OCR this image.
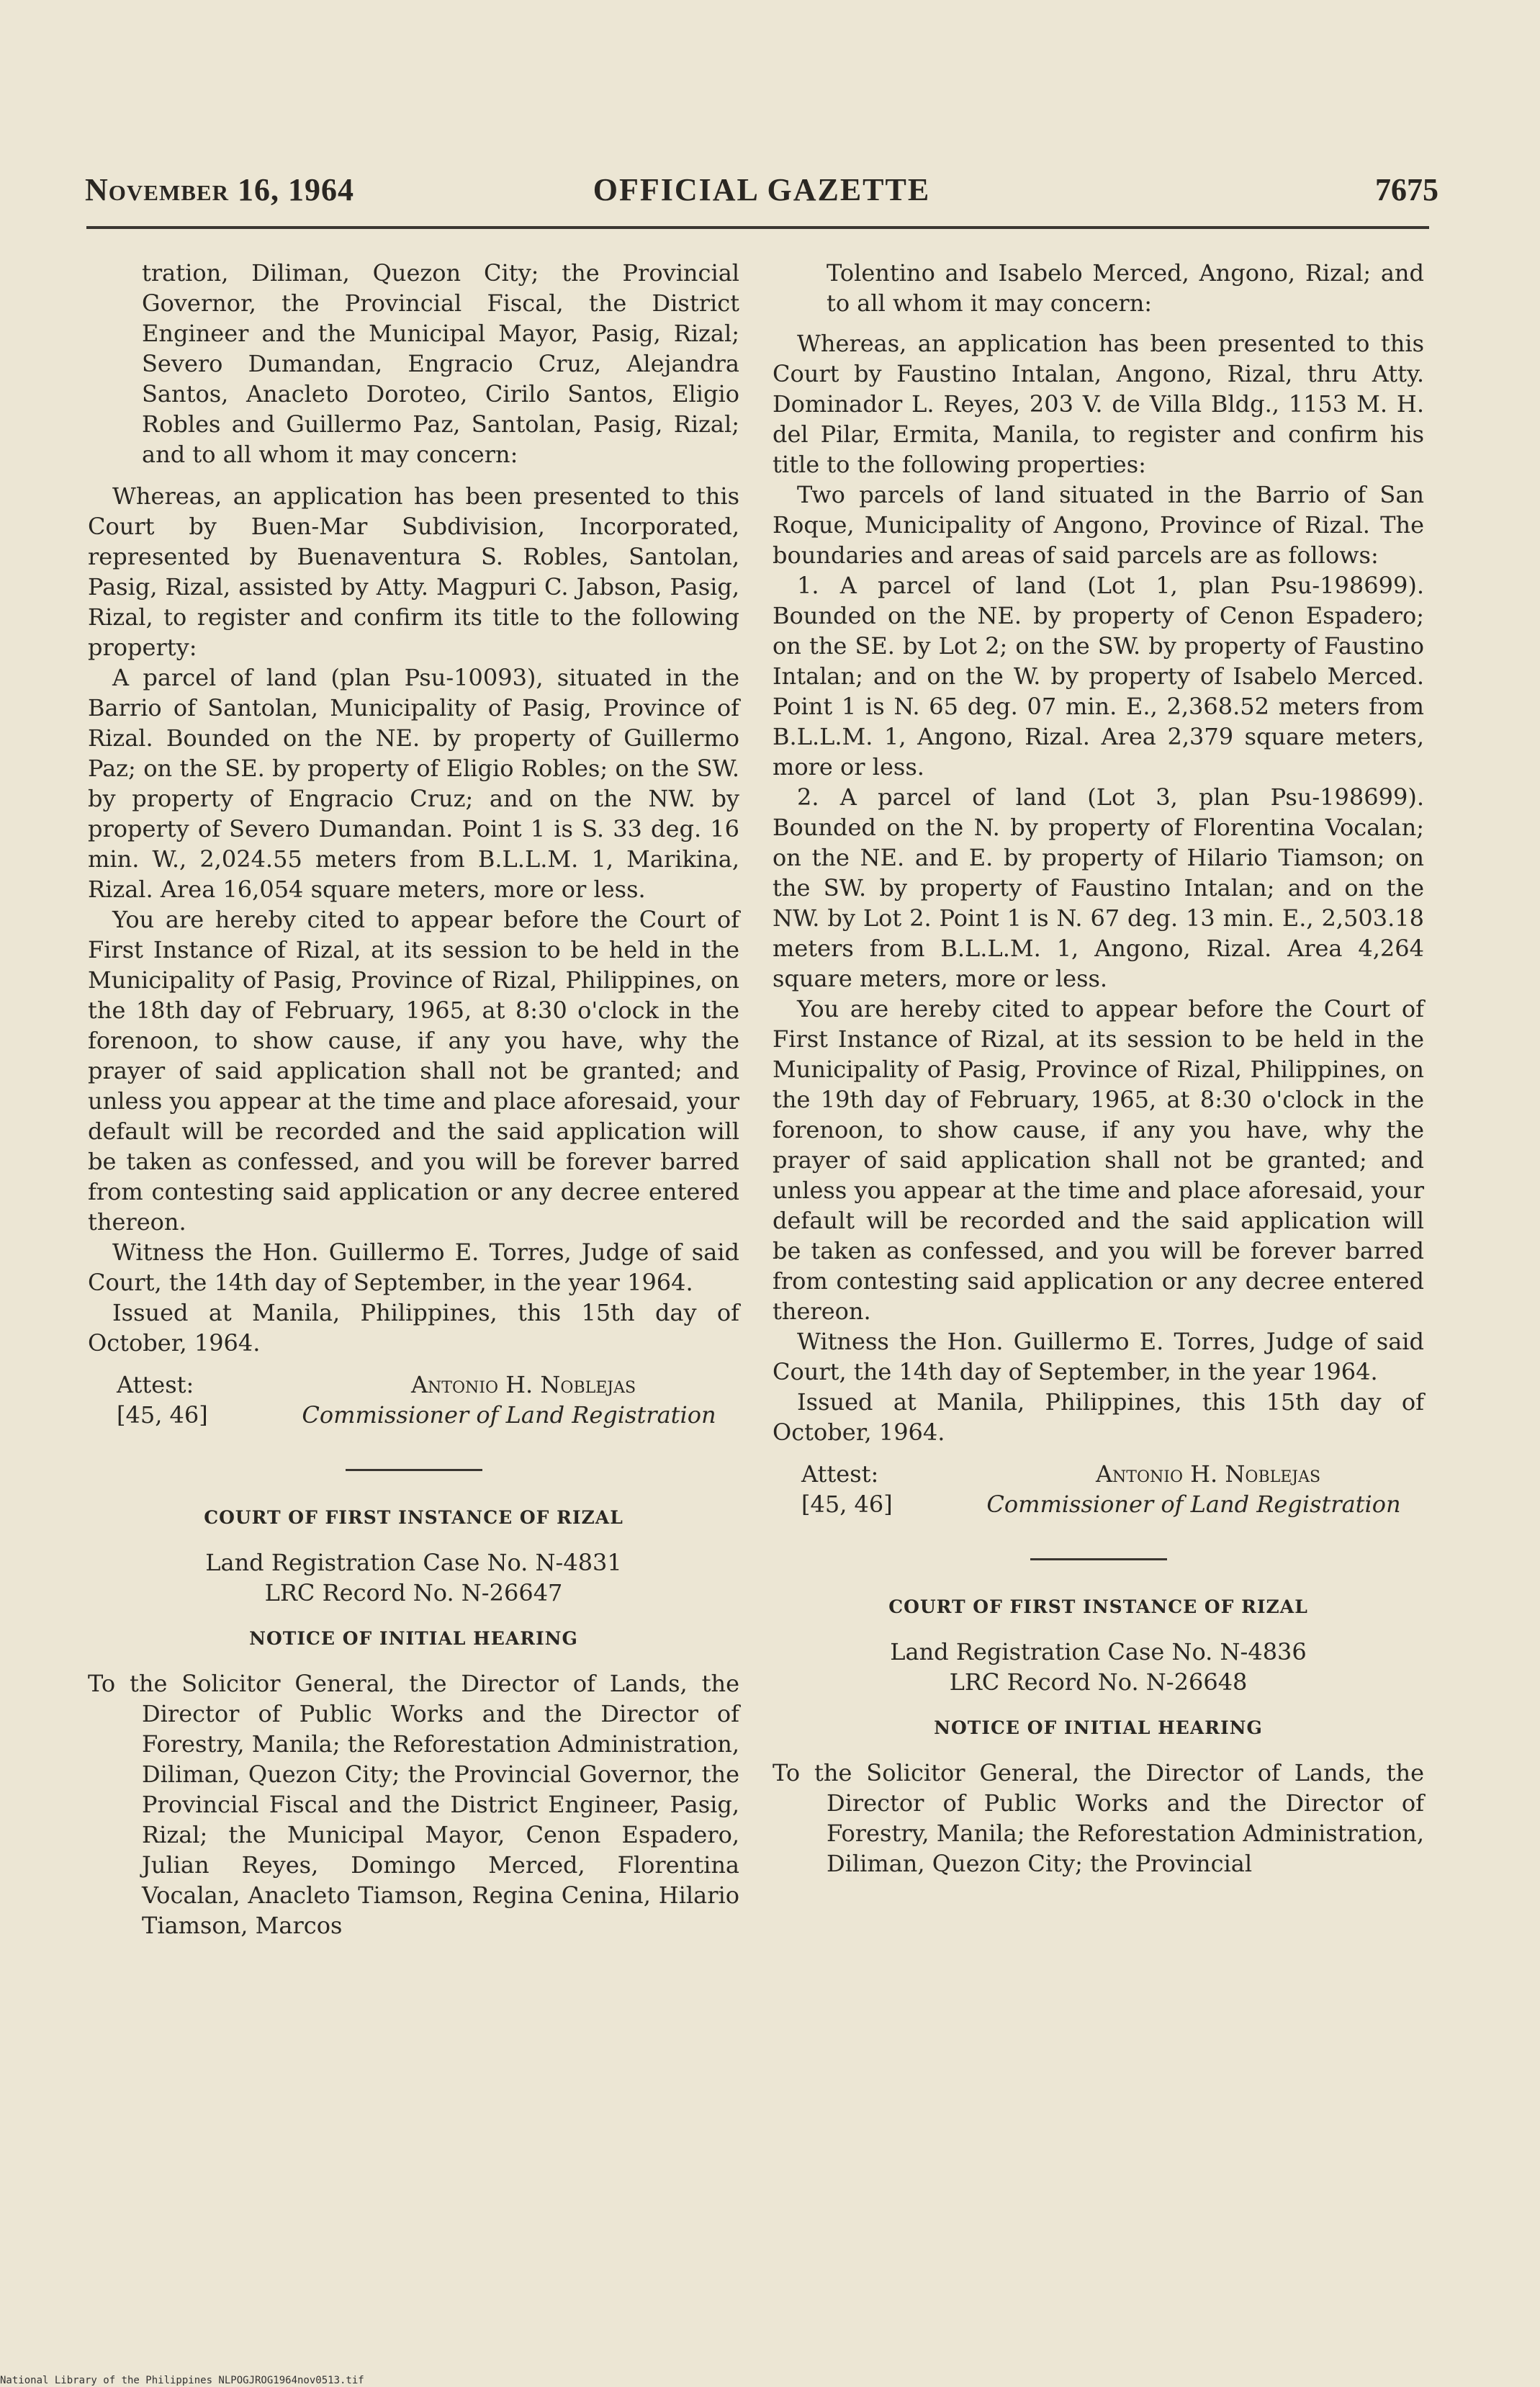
November 16, 1964	OFFICIAL GAZETTE	7675

tration, Diliman, Quezon City; the Provincial Governor, the Provincial Fiscal, the District Engineer and the Municipal Mayor, Pasig, Rizal; Severo Dumandan, Engracio Cruz, Alejandra Santos, Anacleto Doroteo, Cirilo Santos, Eligio Robles and Guillermo Paz, Santolan, Pasig, Rizal; and to all whom it may concern:

Whereas, an application has been presented to this Court by Buen-Mar Subdivision, Incorporated, represented by Buenaventura S. Robles, Santolan, Pasig, Rizal, assisted by Atty. Magpuri C. Jabson, Pasig, Rizal, to register and confirm its title to the following property:

A parcel of land (plan Psu-10093), situated in the Barrio of Santolan, Municipality of Pasig, Province of Rizal. Bounded on the NE. by property of Guillermo Paz; on the SE. by property of Eligio Robles; on the SW. by property of Engracio Cruz; and on the NW. by property of Severo Dumandan. Point 1 is S. 33 deg. 16 min. W., 2,024.55 meters from B.L.L.M. 1, Marikina, Rizal. Area 16,054 square meters, more or less.

You are hereby cited to appear before the Court of First Instance of Rizal, at its session to be held in the Municipality of Pasig, Province of Rizal, Philippines, on the 18th day of February, 1965, at 8:30 o'clock in the forenoon, to show cause, if any you have, why the prayer of said application shall not be granted; and unless you appear at the time and place aforesaid, your default will be recorded and the said application will be taken as confessed, and you will be forever barred from contesting said application or any decree entered thereon.

Witness the Hon. Guillermo E. Torres, Judge of said Court, the 14th day of September, in the year 1964.

Issued at Manila, Philippines, this 15th day of October, 1964.

Attest:
[45, 46]
Antonio H. Noblejas
Commissioner of Land Registration
COURT OF FIRST INSTANCE OF RIZAL

Land Registration Case No. N-4831

LRC Record No. N-26647

NOTICE OF INITIAL HEARING

To the Solicitor General, the Director of Lands, the Director of Public Works and the Director of Forestry, Manila; the Reforestation Administration, Diliman, Quezon City; the Provincial Governor, the Provincial Fiscal and the District Engineer, Pasig, Rizal; the Municipal Mayor, Cenon Espadero, Julian Reyes, Domingo Merced, Florentina Vocalan, Anacleto Tiamson, Regina Cenina, Hilario Tiamson, Marcos

Tolentino and Isabelo Merced, Angono, Rizal; and to all whom it may concern:

Whereas, an application has been presented to this Court by Faustino Intalan, Angono, Rizal, thru Atty. Dominador L. Reyes, 203 V. de Villa Bldg., 1153 M. H. del Pilar, Ermita, Manila, to register and confirm his title to the following properties:

Two parcels of land situated in the Barrio of San Roque, Municipality of Angono, Province of Rizal. The boundaries and areas of said parcels are as follows:

1. A parcel of land (Lot 1, plan Psu-198699). Bounded on the NE. by property of Cenon Espadero; on the SE. by Lot 2; on the SW. by property of Faustino Intalan; and on the W. by property of Isabelo Merced. Point 1 is N. 65 deg. 07 min. E., 2,368.52 meters from B.L.L.M. 1, Angono, Rizal. Area 2,379 square meters, more or less.

2. A parcel of land (Lot 3, plan Psu-198699). Bounded on the N. by property of Florentina Vocalan; on the NE. and E. by property of Hilario Tiamson; on the SW. by property of Faustino Intalan; and on the NW. by Lot 2. Point 1 is N. 67 deg. 13 min. E., 2,503.18 meters from B.L.L.M. 1, Angono, Rizal. Area 4,264 square meters, more or less.

You are hereby cited to appear before the Court of First Instance of Rizal, at its session to be held in the Municipality of Pasig, Province of Rizal, Philippines, on the 19th day of February, 1965, at 8:30 o'clock in the forenoon, to show cause, if any you have, why the prayer of said application shall not be granted; and unless you appear at the time and place aforesaid, your default will be recorded and the said application will be taken as confessed, and you will be forever barred from contesting said application or any decree entered thereon.

Witness the Hon. Guillermo E. Torres, Judge of said Court, the 14th day of September, in the year 1964.

Issued at Manila, Philippines, this 15th day of October, 1964.

Attest:
[45, 46]
Antonio H. Noblejas
Commissioner of Land Registration
COURT OF FIRST INSTANCE OF RIZAL

Land Registration Case No. N-4836

LRC Record No. N-26648

NOTICE OF INITIAL HEARING

To the Solicitor General, the Director of Lands, the Director of Public Works and the Director of Forestry, Manila; the Reforestation Administration, Diliman, Quezon City; the Provincial

National Library of the Philippines NLPOGJROG1964nov0513.tif
